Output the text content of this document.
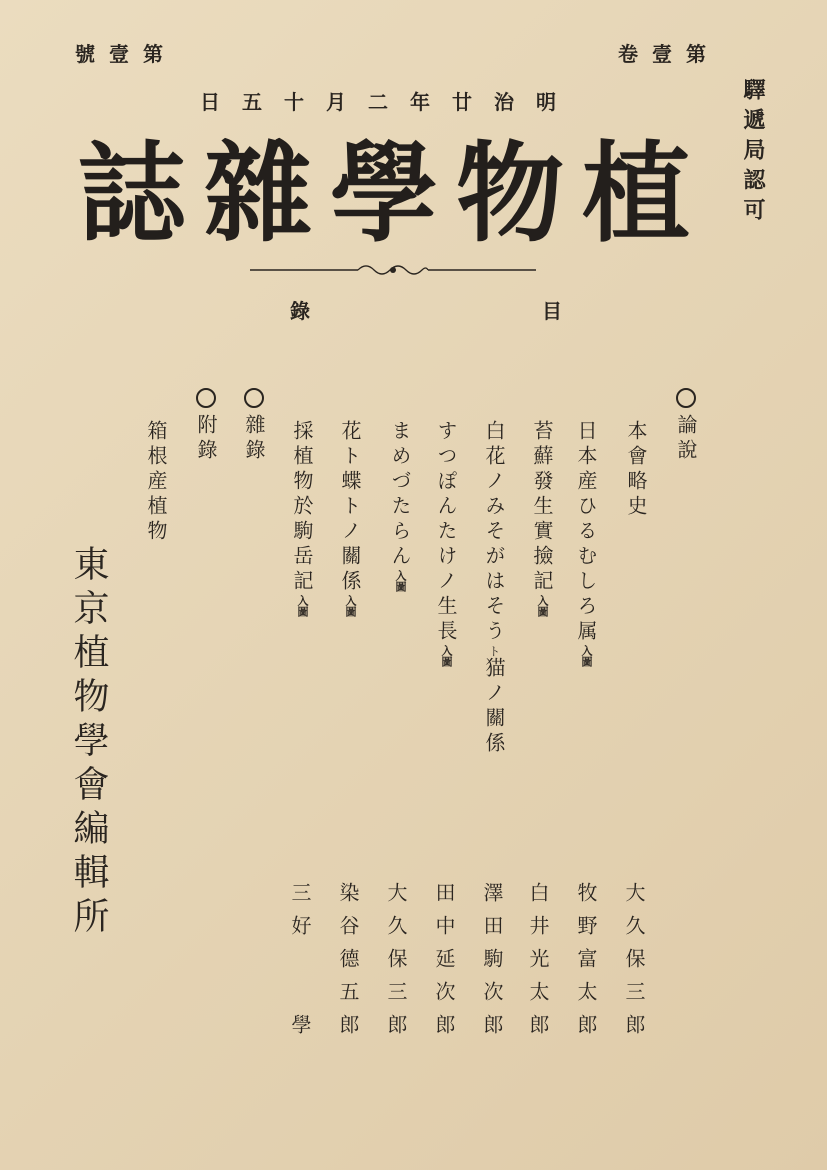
號壹第	卷壹第
日五十月二年廿治明	驛遞局認可
誌雜學物植
目　　　　　　錄
論說
本會略史
日本産ひるむしろ属入圖
苔蘚發生實撿記入圖
白花ノみそがはそうト猫ノ關係
すつぽんたけノ生長入圖
まめづたらん入圖
花ト蝶トノ關係入圖
採植物於駒岳記入圖
雜錄
附錄
箱根産植物
大久保三郎
牧野富太郎
白井光太郎
澤田駒次郎
田中延次郎
大久保三郎
染谷德五郎
三好　　學
東京植物學會編輯所
